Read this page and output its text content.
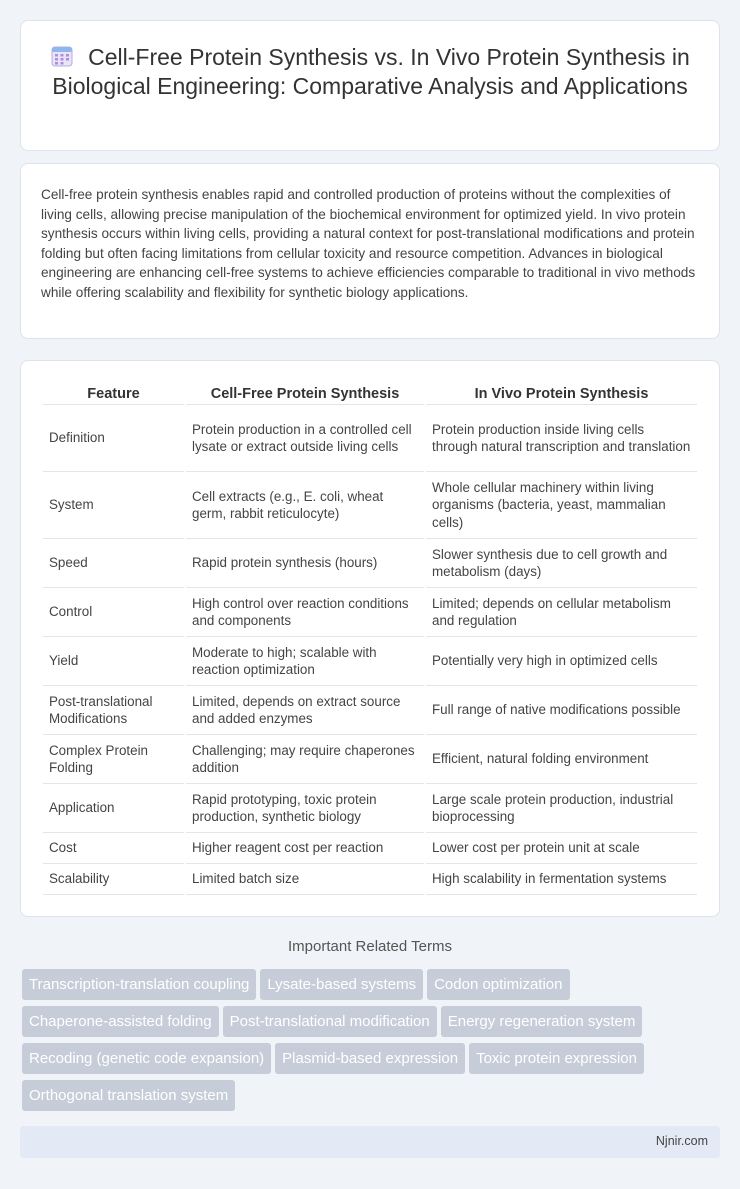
Cell-Free Protein Synthesis vs. In Vivo Protein Synthesis in Biological Engineering: Comparative Analysis and Applications

Cell-free protein synthesis enables rapid and controlled production of proteins without the complexities of living cells, allowing precise manipulation of the biochemical environment for optimized yield. In vivo protein synthesis occurs within living cells, providing a natural context for post-translational modifications and protein folding but often facing limitations from cellular toxicity and resource competition. Advances in biological engineering are enhancing cell-free systems to achieve efficiencies comparable to traditional in vivo methods while offering scalability and flexibility for synthetic biology applications.

Feature	Cell-Free Protein Synthesis	In Vivo Protein Synthesis
Definition	Protein production in a controlled cell lysate or extract outside living cells	Protein production inside living cells through natural transcription and translation
System	Cell extracts (e.g., E. coli, wheat germ, rabbit reticulocyte)	Whole cellular machinery within living organisms (bacteria, yeast, mammalian cells)
Speed	Rapid protein synthesis (hours)	Slower synthesis due to cell growth and metabolism (days)
Control	High control over reaction conditions and components	Limited; depends on cellular metabolism and regulation
Yield	Moderate to high; scalable with reaction optimization	Potentially very high in optimized cells
Post-translational Modifications	Limited, depends on extract source and added enzymes	Full range of native modifications possible
Complex Protein Folding	Challenging; may require chaperones addition	Efficient, natural folding environment
Application	Rapid prototyping, toxic protein production, synthetic biology	Large scale protein production, industrial bioprocessing
Cost	Higher reagent cost per reaction	Lower cost per protein unit at scale
Scalability	Limited batch size	High scalability in fermentation systems
Important Related Terms
Transcription-translation coupling Lysate-based systems Codon optimizationChaperone-assisted folding Post-translational modification Energy regeneration systemRecoding (genetic code expansion) Plasmid-based expression Toxic protein expressionOrthogonal translation system
Njnir.com
